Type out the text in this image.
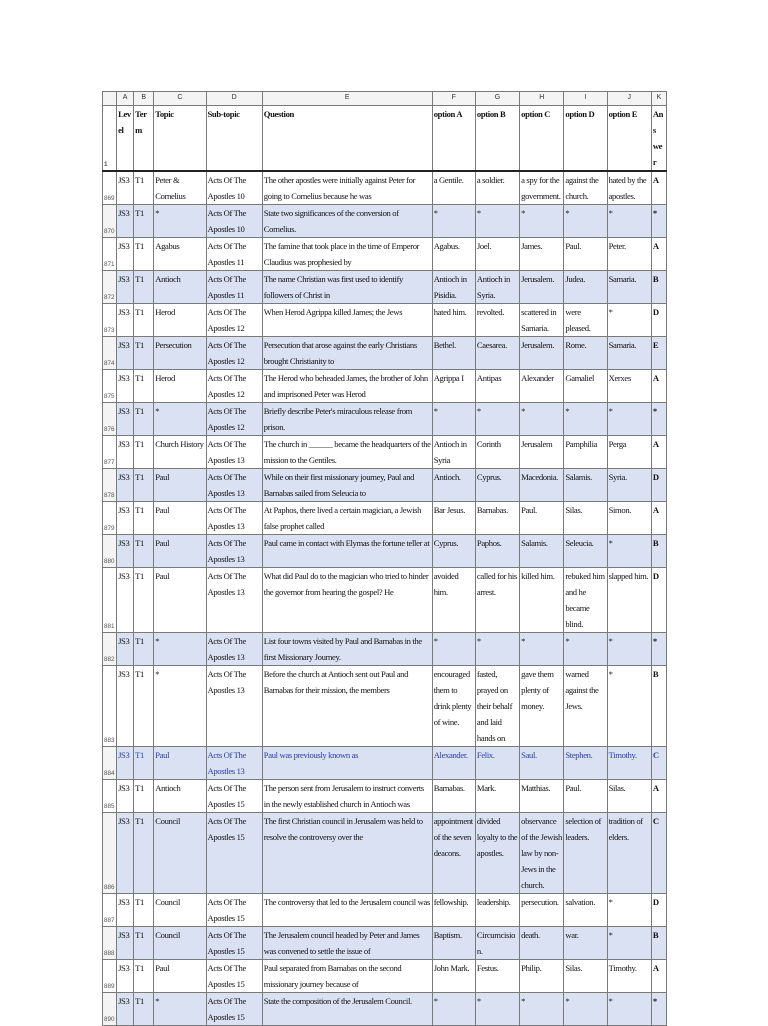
	A	B	C	D	E	F	G	H	I	J	K
1	Level	Term	Topic	Sub-topic	Question	option A	option B	option C	option D	option E	Ans wer
869	JS3	T1	Peter & Cornelius	Acts Of The Apostles 10	The other apostles were initially against Peter for going to Cornelius because he was	a Gentile.	a soldier.	a spy for the government.	against the church.	hated by the apostles.	A
870	JS3	T1	*	Acts Of The Apostles 10	State two significances of the conversion of Cornelius.	*	*	*	*	*	*
871	JS3	T1	Agabus	Acts Of The Apostles 11	The famine that took place in the time of Emperor Claudius was prophesied by	Agabus.	Joel.	James.	Paul.	Peter.	A
872	JS3	T1	Antioch	Acts Of The Apostles 11	The name Christian was first used to identify followers of Christ in	Antioch in Pisidia.	Antioch in Syria.	Jerusalem.	Judea.	Samaria.	B
873	JS3	T1	Herod	Acts Of The Apostles 12	When Herod Agrippa killed James; the Jews	hated him.	revolted.	scattered in Samaria.	were pleased.	*	D
874	JS3	T1	Persecution	Acts Of The Apostles 12	Persecution that arose against the early Christians brought Christianity to	Bethel.	Caesarea.	Jerusalem.	Rome.	Samaria.	E
875	JS3	T1	Herod	Acts Of The Apostles 12	The Herod who beheaded James, the brother of John and imprisoned Peter was Herod	Agrippa I	Antipas	Alexander	Gamaliel	Xerxes	A
876	JS3	T1	*	Acts Of The Apostles 12	Briefly describe Peter's miraculous release from prison.	*	*	*	*	*	*
877	JS3	T1	Church History	Acts Of The Apostles 13	The church in ______ became the headquarters of the mission to the Gentiles.	Antioch in Syria	Corinth	Jerusalem	Pamphilia	Perga	A
878	JS3	T1	Paul	Acts Of The Apostles 13	While on their first missionary journey, Paul and Barnabas sailed from Seleucia to	Antioch.	Cyprus.	Macedonia.	Salamis.	Syria.	D
879	JS3	T1	Paul	Acts Of The Apostles 13	At Paphos, there lived a certain magician, a Jewish false prophet called	Bar Jesus.	Barnabas.	Paul.	Silas.	Simon.	A
880	JS3	T1	Paul	Acts Of The Apostles 13	Paul came in contact with Elymas the fortune teller at	Cyprus.	Paphos.	Salamis.	Seleucia.	*	B
881	JS3	T1	Paul	Acts Of The Apostles 13	What did Paul do to the magician who tried to hinder the governor from hearing the gospel? He	avoided him.	called for his arrest.	killed him.	rebuked him and he became blind.	slapped him.	D
882	JS3	T1	*	Acts Of The Apostles 13	List four towns visited by Paul and Barnabas in the first Missionary Journey.	*	*	*	*	*	*
883	JS3	T1	*	Acts Of The Apostles 13	Before the church at Antioch sent out Paul and Barnabas for their mission, the members	encouraged them to drink plenty of wine.	fasted, prayed on their behalf and laid hands on	gave them plenty of money.	warned against the Jews.	*	B
884	JS3	T1	Paul	Acts Of The Apostles 13	Paul was previously known as	Alexander.	Felix.	Saul.	Stephen.	Timothy.	C
885	JS3	T1	Antioch	Acts Of The Apostles 15	The person sent from Jerusalem to instruct converts in the newly established church in Antioch was	Barnabas.	Mark.	Matthias.	Paul.	Silas.	A
886	JS3	T1	Council	Acts Of The Apostles 15	The first Christian council in Jerusalem was held to resolve the controversy over the	appointment of the seven deacons.	divided loyalty to the apostles.	observance of the Jewish law by non-Jews in the church.	selection of leaders.	tradition of elders.	C
887	JS3	T1	Council	Acts Of The Apostles 15	The controversy that led to the Jerusalem council was	fellowship.	leadership.	persecution.	salvation.	*	D
888	JS3	T1	Council	Acts Of The Apostles 15	The Jerusalem council headed by Peter and James was convened to settle the issue of	Baptism.	Circumcision.	death.	war.	*	B
889	JS3	T1	Paul	Acts Of The Apostles 15	Paul separated from Barnabas on the second missionary journey because of	John Mark.	Festus.	Philip.	Silas.	Timothy.	A
890	JS3	T1	*	Acts Of The Apostles 15	State the composition of the Jerusalem Council.	*	*	*	*	*	*
